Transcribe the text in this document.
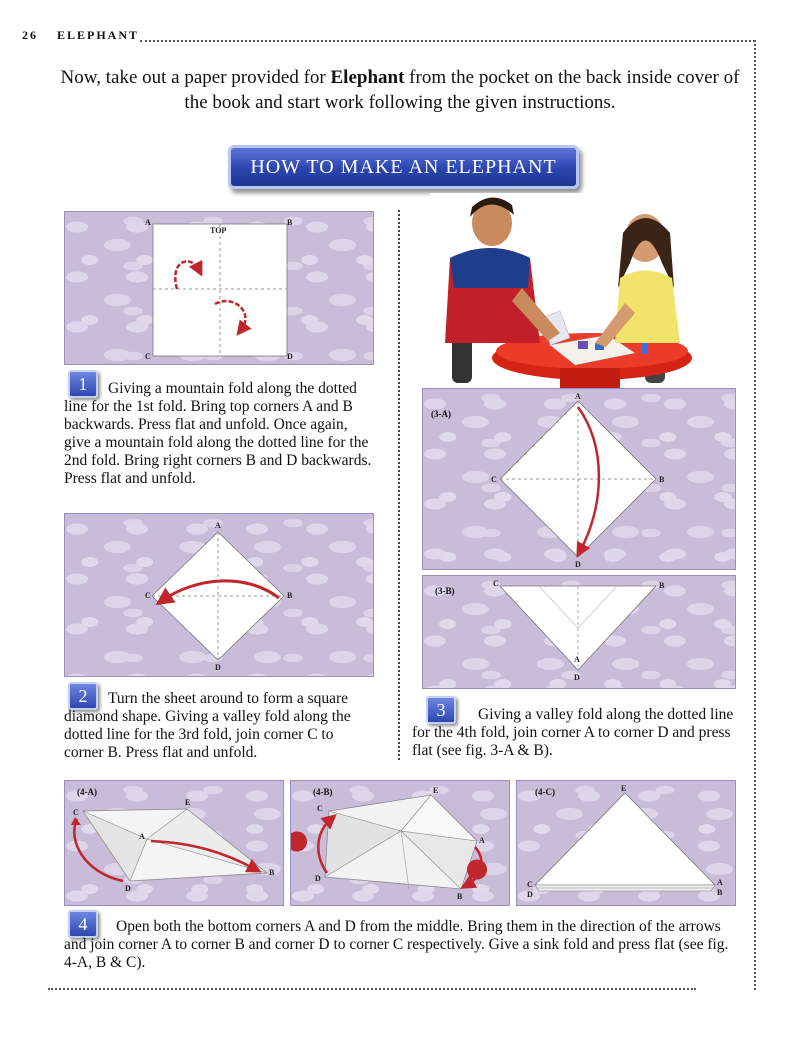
26 ELEPHANT
Now, take out a paper provided for Elephant from the pocket on the back inside cover of the book and start work following the given instructions.
HOW TO MAKE AN ELEPHANT
TOP
A	B
C	D
1	Giving a mountain fold along the dotted line for the 1st fold. Bring top corners A and B backwards. Press flat and unfold. Once again, give a mountain fold along the dotted line for the 2nd fold. Bring right corners B and D backwards. Press flat and unfold.
A
B
C
D
2	Turn the sheet around to form a square diamond shape. Giving a valley fold along the dotted line for the 3rd fold, join corner C to corner B. Press flat and unfold.
(3-A)
A
B
C
D
(3-B)
C	B
A
D
3	Giving a valley fold along the dotted line for the 4th fold, join corner A to corner D and press flat (see fig. 3-A & B).
(4-A)
C
E
A
B
D
(4-B)	E
C
A
D
B
(4-C)	E
C
D
A
B
4	Open both the bottom corners A and D from the middle. Bring them in the direction of the arrows and join corner A to corner B and corner D to corner C respectively. Give a sink fold and press flat (see fig. 4-A, B & C).
